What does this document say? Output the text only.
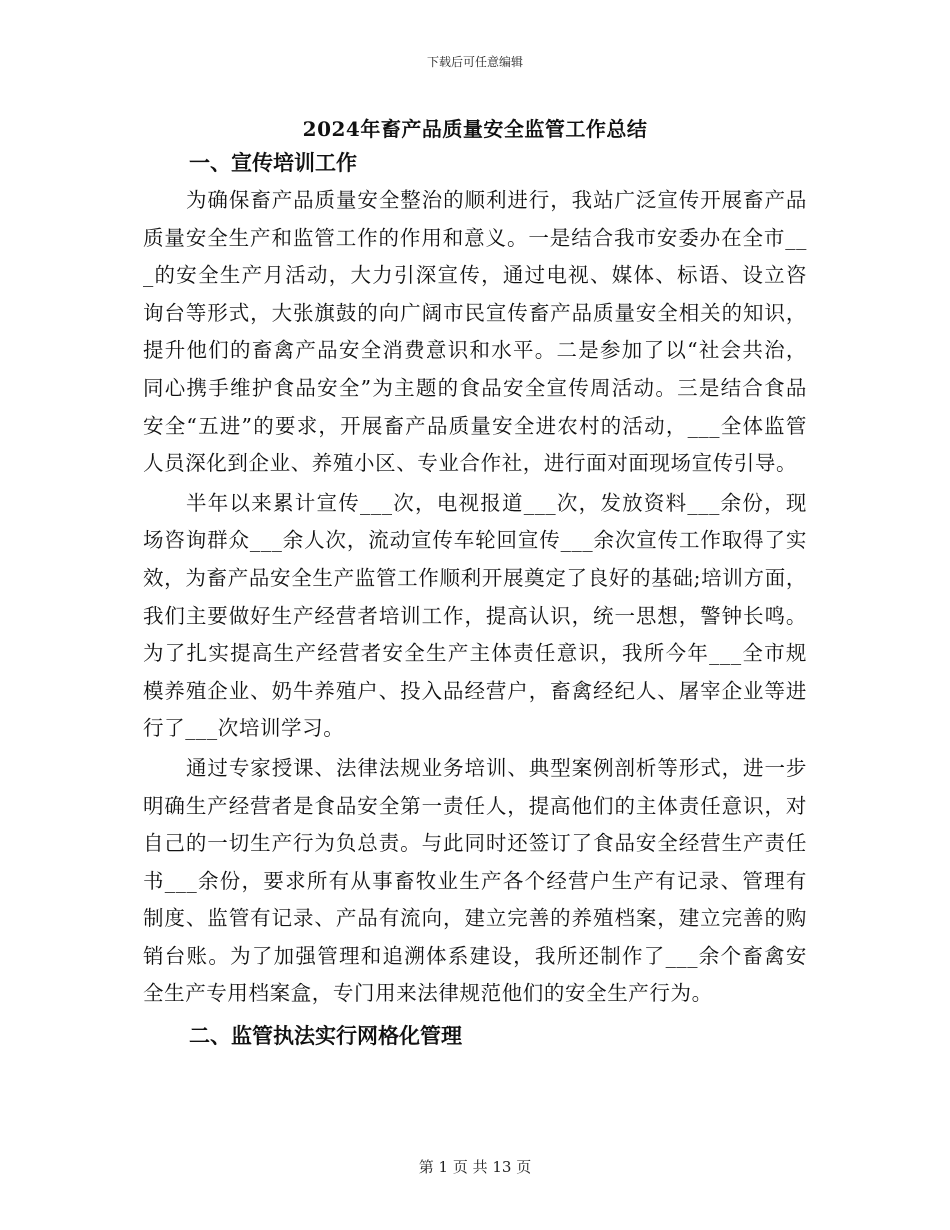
下载后可任意编辑
2024年畜产品质量安全监管工作总结
一、宣传培训工作

为确保畜产品质量安全整治的顺利进行，我站广泛宣传开展畜产品质量安全生产和监管工作的作用和意义。一是结合我市安委办在全市___的安全生产月活动，大力引深宣传，通过电视、媒体、标语、设立咨询台等形式，大张旗鼓的向广阔市民宣传畜产品质量安全相关的知识，提升他们的畜禽产品安全消费意识和水平。二是参加了以“社会共治，同心携手维护食品安全”为主题的食品安全宣传周活动。三是结合食品安全“五进”的要求，开展畜产品质量安全进农村的活动，___全体监管人员深化到企业、养殖小区、专业合作社，进行面对面现场宣传引导。

半年以来累计宣传___次，电视报道___次，发放资料___余份，现场咨询群众___余人次，流动宣传车轮回宣传___余次宣传工作取得了实效，为畜产品安全生产监管工作顺利开展奠定了良好的基础;培训方面，我们主要做好生产经营者培训工作，提高认识，统一思想，警钟长鸣。为了扎实提高生产经营者安全生产主体责任意识，我所今年___全市规模养殖企业、奶牛养殖户、投入品经营户，畜禽经纪人、屠宰企业等进行了___次培训学习。

通过专家授课、法律法规业务培训、典型案例剖析等形式，进一步明确生产经营者是食品安全第一责任人，提高他们的主体责任意识，对自己的一切生产行为负总责。与此同时还签订了食品安全经营生产责任书___余份，要求所有从事畜牧业生产各个经营户生产有记录、管理有制度、监管有记录、产品有流向，建立完善的养殖档案，建立完善的购销台账。为了加强管理和追溯体系建设，我所还制作了___余个畜禽安全生产专用档案盒，专门用来法律规范他们的安全生产行为。

二、监管执法实行网格化管理
第 1 页 共 13 页
